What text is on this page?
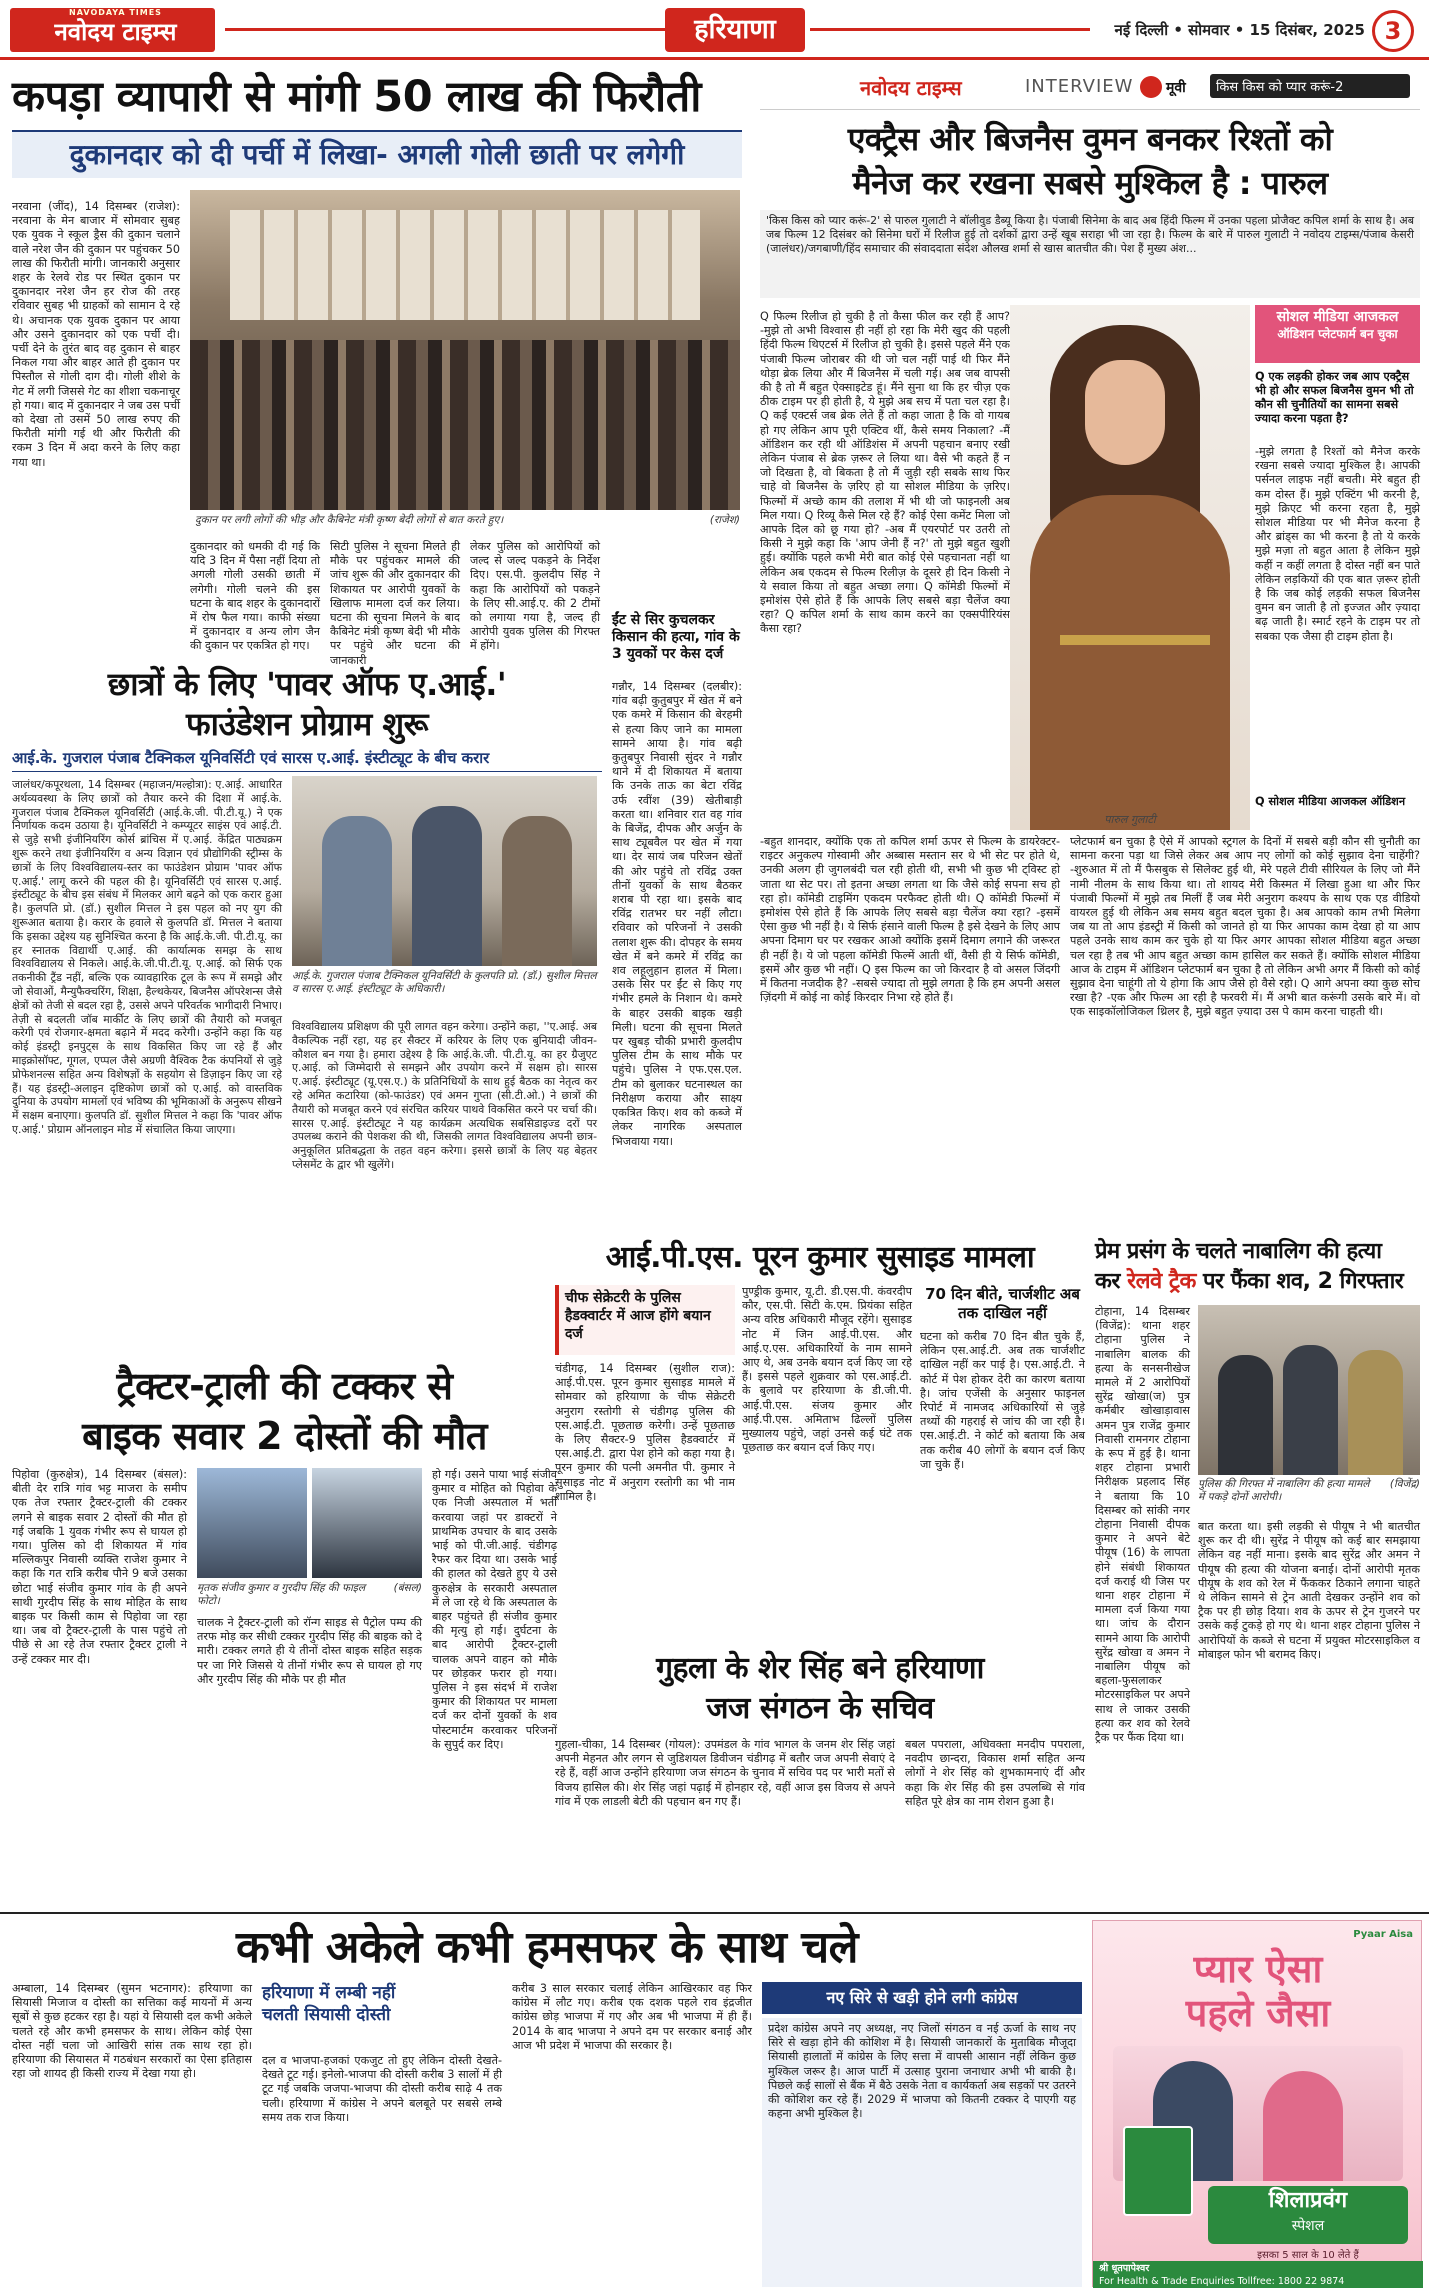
NAVODAYA TIMES
नवोदय टाइम्स	हरियाणा	नई दिल्ली • सोमवार • 15 दिसंबर, 2025 3
कपड़ा व्यापारी से मांगी 50 लाख की फिरौती
दुकानदार को दी पर्ची में लिखा- अगली गोली छाती पर लगेगी
नरवाना (जींद), 14 दिसम्बर (राजेश): नरवाना के मेन बाजार में सोमवार सुबह एक युवक ने स्कूल ड्रैस की दुकान चलाने वाले नरेश जैन की दुकान पर पहुंचकर 50 लाख की फिरौती मांगी। जानकारी अनुसार शहर के रेलवे रोड पर स्थित दुकान पर दुकानदार नरेश जैन हर रोज की तरह रविवार सुबह भी ग्राहकों को सामान दे रहे थे। अचानक एक युवक दुकान पर आया और उसने दुकानदार को एक पर्ची दी। पर्ची देने के तुरंत बाद वह दुकान से बाहर निकल गया और बाहर आते ही दुकान पर पिस्तौल से गोली दाग दी। गोली शीशे के गेट में लगी जिससे गेट का शीशा चकनाचूर हो गया। बाद में दुकानदार ने जब उस पर्ची को देखा तो उसमें 50 लाख रुपए की फिरौती मांगी गई थी और फिरौती की रकम 3 दिन में अदा करने के लिए कहा गया था।
दुकान पर लगी लोगों की भीड़ और कैबिनेट मंत्री कृष्ण बेदी लोगों से बात करते हुए।	(राजेश)
दुकानदार को धमकी दी गई कि यदि 3 दिन में पैसा नहीं दिया तो अगली गोली उसकी छाती में लगेगी। गोली चलने की इस घटना के बाद शहर के दुकानदारों में रोष फैल गया। काफी संख्या में दुकानदार व अन्य लोग जैन की दुकान पर एकत्रित हो गए।
सिटी पुलिस ने सूचना मिलते ही मौके पर पहुंचकर मामले की जांच शुरू की और दुकानदार की शिकायत पर आरोपी युवकों के खिलाफ मामला दर्ज कर लिया। घटना की सूचना मिलने के बाद कैबिनेट मंत्री कृष्ण बेदी भी मौके पर पहुंचे और घटना की जानकारी
लेकर पुलिस को आरोपियों को जल्द से जल्द पकड़ने के निर्देश दिए। एस.पी. कुलदीप सिंह ने कहा कि आरोपियों को पकड़ने के लिए सी.आई.ए. की 2 टीमों को लगाया गया है, जल्द ही आरोपी युवक पुलिस की गिरफ्त में होंगे।
ईंट से सिर कुचलकर किसान की हत्या, गांव के 3 युवकों पर केस दर्ज
गन्नौर, 14 दिसम्बर (दलबीर): गांव बढ़ी कुतुबपुर में खेत में बने एक कमरे में किसान की बेरहमी से हत्या किए जाने का मामला सामने आया है। गांव बढ़ी कुतुबपुर निवासी सुंदर ने गन्नौर थाने में दी शिकायत में बताया कि उनके ताऊ का बेटा रविंद्र उर्फ रवींश (39) खेतीबाड़ी करता था। शनिवार रात वह गांव के बिजेंद्र, दीपक और अर्जुन के साथ ट्यूबवैल पर खेत में गया था। देर सायं जब परिजन खेतों की ओर पहुंचे तो रविंद्र उक्त तीनों युवकों के साथ बैठकर शराब पी रहा था। इसके बाद रविंद्र रातभर घर नहीं लौटा। रविवार को परिजनों ने उसकी तलाश शुरू की। दोपहर के समय खेत में बने कमरे में रविंद्र का शव लहूलुहान हालत में मिला। उसके सिर पर ईंट से किए गए गंभीर हमले के निशान थे। कमरे के बाहर उसकी बाइक खड़ी मिली। घटना की सूचना मिलते पर खुबड़ चौकी प्रभारी कुलदीप पुलिस टीम के साथ मौके पर पहुंचे। पुलिस ने एफ.एस.एल. टीम को बुलाकर घटनास्थल का निरीक्षण कराया और साक्ष्य एकत्रित किए। शव को कब्जे में लेकर नागरिक अस्पताल भिजवाया गया।
छात्रों के लिए 'पावर ऑफ ए.आई.'
फाउंडेशन प्रोग्राम शुरू
आई.के. गुजराल पंजाब टैक्निकल यूनिवर्सिटी एवं सारस ए.आई. इंस्टीट्यूट के बीच करार
जालंधर/कपूरथला, 14 दिसम्बर (महाजन/मल्होत्रा): ए.आई. आधारित अर्थव्यवस्था के लिए छात्रों को तैयार करने की दिशा में आई.के. गुजराल पंजाब टैक्निकल यूनिवर्सिटी (आई.के.जी. पी.टी.यू.) ने एक निर्णायक कदम उठाया है। यूनिवर्सिटी ने कम्प्यूटर साइंस एवं आई.टी. से जुड़े सभी इंजीनियरिंग कोर्स ब्रांचिस में ए.आई. केंद्रित पाठ्यक्रम शुरू करने तथा इंजीनियरिंग व अन्य विज्ञान एवं प्रौद्योगिकी स्ट्रीम्स के छात्रों के लिए विश्वविद्यालय-स्तर का फाउंडेशन प्रोग्राम 'पावर ऑफ ए.आई.' लागू करने की पहल की है। यूनिवर्सिटी एवं सारस ए.आई. इंस्टीट्यूट के बीच इस संबंध में मिलकर आगे बढ़ने को एक करार हुआ है। कुलपति प्रो. (डॉ.) सुशील मित्तल ने इस पहल को नए युग की शुरूआत बताया है। करार के हवाले से कुलपति डॉ. मित्तल ने बताया कि इसका उद्देश्य यह सुनिश्चित करना है कि आई.के.जी. पी.टी.यू. का हर स्नातक विद्यार्थी ए.आई. की कार्यात्मक समझ के साथ विश्वविद्यालय से निकले। आई.के.जी.पी.टी.यू. ए.आई. को सिर्फ एक तकनीकी ट्रैंड नहीं, बल्कि एक व्यावहारिक टूल के रूप में समझे और जो सेवाओं, मैन्युफैक्चरिंग, शिक्षा, हैल्थकेयर, बिजनैस ऑपरेशन्स जैसे क्षेत्रों को तेजी से बदल रहा है, उससे अपने परिवर्तक भागीदारी निभाए। तेज़ी से बदलती जॉब मार्कीट के लिए छात्रों की तैयारी को मजबूत करेगी एवं रोजगार-क्षमता बढ़ाने में मदद करेगी। उन्होंने कहा कि यह कोई इंडस्ट्री इनपुट्स के साथ विकसित किए जा रहे हैं और माइक्रोसॉफ्ट, गूगल, एप्पल जैसे अग्रणी वैश्विक टैक कंपनियों से जुड़े प्रोफेशनल्स सहित अन्य विशेषज्ञों के सहयोग से डिज़ाइन किए जा रहे हैं। यह इंडस्ट्री-अलाइन दृष्टिकोण छात्रों को ए.आई. को वास्तविक दुनिया के उपयोग मामलों एवं भविष्य की भूमिकाओं के अनुरूप सीखने में सक्षम बनाएगा। कुलपति डॉ. सुशील मित्तल ने कहा कि 'पावर ऑफ ए.आई.' प्रोग्राम ऑनलाइन मोड में संचालित किया जाएगा।
आई.के. गुजराल पंजाब टैक्निकल यूनिवर्सिटी के कुलपति प्रो. (डॉ.) सुशील मित्तल व सारस ए.आई. इंस्टीट्यूट के अधिकारी।
विश्वविद्यालय प्रशिक्षण की पूरी लागत वहन करेगा। उन्होंने कहा, ''ए.आई. अब वैकल्पिक नहीं रहा, यह हर सैक्टर में करियर के लिए एक बुनियादी जीवन-कौशल बन गया है। हमारा उद्देश्य है कि आई.के.जी. पी.टी.यू. का हर ग्रैजुएट ए.आई. को जिम्मेदारी से समझने और उपयोग करने में सक्षम हो। सारस ए.आई. इंस्टीट्यूट (यू.एस.ए.) के प्रतिनिधियों के साथ हुई बैठक का नेतृत्व कर रहे अमित कटारिया (को-फाउंडर) एवं अमन गुप्ता (सी.टी.ओ.) ने छात्रों की तैयारी को मजबूत करने एवं संरचित करियर पाथवे विकसित करने पर चर्चा की। सारस ए.आई. इंस्टीट्यूट ने यह कार्यक्रम अत्यधिक सबसिडाइज्ड दरों पर उपलब्ध कराने की पेशकश की थी, जिसकी लागत विश्वविद्यालय अपनी छात्र-अनुकूलित प्रतिबद्धता के तहत वहन करेगा। इससे छात्रों के लिए यह बेहतर प्लेसमेंट के द्वार भी खुलेंगे।
ट्रैक्टर-ट्राली की टक्कर से
बाइक सवार 2 दोस्तों की मौत
पिहोवा (कुरुक्षेत्र), 14 दिसम्बर (बंसल): बीती देर रात्रि गांव भट्ट माजरा के समीप एक तेज रफ्तार ट्रैक्टर-ट्राली की टक्कर लगने से बाइक सवार 2 दोस्तों की मौत हो गई जबकि 1 युवक गंभीर रूप से घायल हो गया। पुलिस को दी शिकायत में गांव मल्लिकपुर निवासी व्यक्ति राजेश कुमार ने कहा कि गत रात्रि करीब पौने 9 बजे उसका छोटा भाई संजीव कुमार गांव के ही अपने साथी गुरदीप सिंह के साथ मोहित के साथ बाइक पर किसी काम से पिहोवा जा रहा था। जब वो ट्रैक्टर-ट्राली के पास पहुंचे तो पीछे से आ रहे तेज रफ्तार ट्रैक्टर ट्राली ने उन्हें टक्कर मार दी।
मृतक संजीव कुमार व गुरदीप सिंह की फाइल फोटो।
(बंसल)
चालक ने ट्रैक्टर-ट्राली को रॉन्ग साइड से पैट्रोल पम्प की तरफ मोड़ कर सीधी टक्कर गुरदीप सिंह की बाइक को दे मारी। टक्कर लगते ही ये तीनों दोस्त बाइक सहित सड़क पर जा गिरे जिससे ये तीनों गंभीर रूप से घायल हो गए और गुरदीप सिंह की मौके पर ही मौत
हो गई। उसने पाया भाई संजीव कुमार व मोहित को पिहोवा के एक निजी अस्पताल में भर्ती करवाया जहां पर डाक्टरों ने प्राथमिक उपचार के बाद उसके भाई को पी.जी.आई. चंडीगढ़ रैफर कर दिया था। उसके भाई की हालत को देखते हुए ये उसे कुरुक्षेत्र के सरकारी अस्पताल में ले जा रहे थे कि अस्पताल के बाहर पहुंचते ही संजीव कुमार की मृत्यु हो गई। दुर्घटना के बाद आरोपी ट्रैक्टर-ट्राली चालक अपने वाहन को मौके पर छोड़कर फरार हो गया। पुलिस ने इस संदर्भ में राजेश कुमार की शिकायत पर मामला दर्ज कर दोनों युवकों के शव पोस्टमार्टम करवाकर परिजनों के सुपुर्द कर दिए।
नवोदय टाइम्स	INTERVIEW मूवी	किस किस को प्यार करूं-2
एक्ट्रैस और बिजनैस वुमन बनकर रिश्तों को
मैनेज कर रखना सबसे मुश्किल है : पारुल
'किस किस को प्यार करूं-2' से पारुल गुलाटी ने बॉलीवुड डैब्यू किया है। पंजाबी सिनेमा के बाद अब हिंदी फिल्म में उनका पहला प्रोजैक्ट कपिल शर्मा के साथ है। अब जब फिल्म 12 दिसंबर को सिनेमा घरों में रिलीज हुई तो दर्शकों द्वारा उन्हें खूब सराहा भी जा रहा है। फिल्म के बारे में पारुल गुलाटी ने नवोदय टाइम्स/पंजाब केसरी (जालंधर)/जगबाणी/हिंद समाचार की संवाददाता संदेश औलख शर्मा से खास बातचीत की। पेश हैं मुख्य अंश...
Q फिल्म रिलीज हो चुकी है तो कैसा फील कर रही हैं आप? -मुझे तो अभी विश्वास ही नहीं हो रहा कि मेरी खुद की पहली हिंदी फिल्म थिएटर्स में रिलीज हो चुकी है। इससे पहले मैंने एक पंजाबी फिल्म जोराबर की थी जो चल नहीं पाई थी फिर मैंने थोड़ा ब्रेक लिया और मैं बिजनैस में चली गई। अब जब वापसी की है तो मैं बहुत ऐक्साइटेड हूं। मैंने सुना था कि हर चीज़ एक ठीक टाइम पर ही होती है, ये मुझे अब सच में पता चल रहा है। Q कई एक्टर्स जब ब्रेक लेते हैं तो कहा जाता है कि वो गायब हो गए लेकिन आप पूरी एक्टिव थीं, कैसे समय निकाला? -मैं ऑडिशन कर रही थी ऑडिशंस में अपनी पहचान बनाए रखी लेकिन पंजाब से ब्रेक ज़रूर ले लिया था। वैसे भी कहते हैं न जो दिखता है, वो बिकता है तो मैं जुड़ी रही सबके साथ फिर चाहे वो बिजनैस के ज़रिए हो या सोशल मीडिया के ज़रिए। फिल्मों में अच्छे काम की तलाश में भी थी जो फाइनली अब मिल गया। Q रिव्यू कैसे मिल रहे हैं? कोई ऐसा कमेंट मिला जो आपके दिल को छू गया हो? -अब मैं एयरपोर्ट पर उतरी तो किसी ने मुझे कहा कि 'आप जेनी हैं न?' तो मुझे बहुत खुशी हुई। क्योंकि पहले कभी मेरी बात कोई ऐसे पहचानता नहीं था लेकिन अब एकदम से फिल्म रिलीज़ के दूसरे ही दिन किसी ने ये सवाल किया तो बहुत अच्छा लगा। Q कॉमेडी फिल्मों में इमोशंस ऐसे होते हैं कि आपके लिए सबसे बड़ा चैलेंज क्या रहा? Q कपिल शर्मा के साथ काम करने का एक्सपीरियंस कैसा रहा?
पारुल गुलाटी
सोशल मीडिया आजकल
ऑडिशन प्लेटफार्म बन चुका
Q एक लड़की होकर जब आप एक्ट्रैस भी हो और सफल बिजनैस वुमन भी तो कौन सी चुनौतियों का सामना सबसे ज्यादा करना पड़ता है?
-मुझे लगता है रिश्तों को मैनेज करके रखना सबसे ज्यादा मुश्किल है। आपकी पर्सनल लाइफ नहीं बचती। मेरे बहुत ही कम दोस्त हैं। मुझे एक्टिंग भी करनी है, मुझे क्रिएट भी करना रहता है, मुझे सोशल मीडिया पर भी मैनेज करना है और ब्रांड्स का भी करना है तो ये करके मुझे मज़ा तो बहुत आता है लेकिन मुझे कहीं न कहीं लगता है दोस्त नहीं बन पाते लेकिन लड़कियों की एक बात ज़रूर होती है कि जब कोई लड़की सफल बिजनैस वुमन बन जाती है तो इज्जत और ज़्यादा बढ़ जाती है। स्मार्ट रहने के टाइम पर तो सबका एक जैसा ही टाइम होता है।
Q सोशल मीडिया आजकल ऑडिशन
-बहुत शानदार, क्योंकि एक तो कपिल शर्मा ऊपर से फिल्म के डायरेक्टर-राइटर अनुकल्प गोस्वामी और अब्बास मस्तान सर थे भी सेट पर होते थे, उनकी अलग ही जुगलबंदी चल रही होती थी, सभी भी कुछ भी ट्विस्ट हो जाता था सेट पर। तो इतना अच्छा लगता था कि जैसे कोई सपना सच हो रहा हो। कॉमेडी टाइमिंग एकदम परफैक्ट होती थी। Q कॉमेडी फिल्मों में इमोशंस ऐसे होते हैं कि आपके लिए सबसे बड़ा चैलेंज क्या रहा? -इसमें ऐसा कुछ भी नहीं है। ये सिर्फ हंसाने वाली फिल्म है इसे देखने के लिए आप अपना दिमाग घर पर रखकर आओ क्योंकि इसमें दिमाग लगाने की जरूरत ही नहीं है। ये जो पहला कॉमेडी फिल्में आती थीं, वैसी ही ये सिर्फ कॉमेडी, इसमें और कुछ भी नहीं। Q इस फिल्म का जो किरदार है वो असल जिंदगी में कितना नजदीक है? -सबसे ज्यादा तो मुझे लगता है कि हम अपनी असल ज़िंदगी में कोई ना कोई किरदार निभा रहे होते हैं।
प्लेटफार्म बन चुका है ऐसे में आपको स्ट्रगल के दिनों में सबसे बड़ी कौन सी चुनौती का सामना करना पड़ा था जिसे लेकर अब आप नए लोगों को कोई सुझाव देना चाहेंगी? -शुरुआत में तो मैं फैसबुक से सिलेक्ट हुई थी, मेरे पहले टीवी सीरियल के लिए जो मैंने नामी नीलम के साथ किया था। तो शायद मेरी किस्मत में लिखा हुआ था और फिर पंजाबी फिल्मों में मुझे तब मिलीं हैं जब मेरी अनुराग कश्यप के साथ एक एड वीडियो वायरल हुई थी लेकिन अब समय बहुत बदल चुका है। अब आपको काम तभी मिलेगा जब या तो आप इंडस्ट्री में किसी को जानते हो या फिर आपका काम देखा हो या आप पहले उनके साथ काम कर चुके हो या फिर अगर आपका सोशल मीडिया बहुत अच्छा चल रहा है तब भी आप बहुत अच्छा काम हासिल कर सकते हैं। क्योंकि सोशल मीडिया आज के टाइम में ऑडिशन प्लेटफार्म बन चुका है तो लेकिन अभी अगर मैं किसी को कोई सुझाव देना चाहूंगी तो ये होगा कि आप जैसे हो वैसे रहो। Q आगे अपना क्या कुछ सोच रखा है? -एक और फिल्म आ रही है फरवरी में। मैं अभी बात करूंगी उसके बारे में। वो एक साइकॉलोजिकल थ्रिलर है, मुझे बहुत ज़्यादा उस पे काम करना चाहती थी।
आई.पी.एस. पूरन कुमार सुसाइड मामला
चीफ सेक्रेटरी के पुलिस हैडक्वार्टर में आज होंगे बयान दर्ज
चंडीगढ़, 14 दिसम्बर (सुशील राज): आई.पी.एस. पूरन कुमार सुसाइड मामले में सोमवार को हरियाणा के चीफ सेक्रेटरी अनुराग रस्तोगी से चंडीगढ़ पुलिस की एस.आई.टी. पूछताछ करेगी। उन्हें पूछताछ के लिए सैक्टर-9 पुलिस हैडक्वार्टर में एस.आई.टी. द्वारा पेश होने को कहा गया है। पूरन कुमार की पत्नी अमनीत पी. कुमार ने सुसाइड नोट में अनुराग रस्तोगी का भी नाम शामिल है।
पुण्ड्रीक कुमार, यू.टी. डी.एस.पी. कंवरदीप कौर, एस.पी. सिटी के.एम. प्रियंका सहित अन्य वरिष्ठ अधिकारी मौजूद रहेंगे। सुसाइड नोट में जिन आई.पी.एस. और आई.ए.एस. अधिकारियों के नाम सामने आए थे, अब उनके बयान दर्ज किए जा रहे हैं। इससे पहले शुक्रवार को एस.आई.टी. के बुलावे पर हरियाणा के डी.जी.पी. आई.पी.एस. संजय कुमार और आई.पी.एस. अमिताभ ढिल्लों पुलिस मुख्यालय पहुंचे, जहां उनसे कई घंटे तक पूछताछ कर बयान दर्ज किए गए।
70 दिन बीते, चार्जशीट अब तक दाखिल नहीं
घटना को करीब 70 दिन बीत चुके हैं, लेकिन एस.आई.टी. अब तक चार्जशीट दाखिल नहीं कर पाई है। एस.आई.टी. ने कोर्ट में पेश होकर देरी का कारण बताया है। जांच एजेंसी के अनुसार फाइनल रिपोर्ट में नामजद अधिकारियों से जुड़े तथ्यों की गहराई से जांच की जा रही है। एस.आई.टी. ने कोर्ट को बताया कि अब तक करीब 40 लोगों के बयान दर्ज किए जा चुके हैं।
प्रेम प्रसंग के चलते नाबालिग की हत्या
कर रेलवे ट्रैक पर फैंका शव, 2 गिरफ्तार
टोहाना, 14 दिसम्बर (विजेंद्र): थाना शहर टोहाना पुलिस ने नाबालिग बालक की हत्या के सनसनीखेज मामले में 2 आरोपियों सुरेंद्र खोखा(ज) पुत्र कर्मबीर खोखाड़ावास अमन पुत्र राजेंद्र कुमार निवासी रामनगर टोहाना के रूप में हुई है। थाना शहर टोहाना प्रभारी निरीक्षक प्रहलाद सिंह ने बताया कि 10 दिसम्बर को सांकी नगर टोहाना निवासी दीपक कुमार ने अपने बेटे पीयूष (16) के लापता होने संबंधी शिकायत दर्ज कराई थी जिस पर थाना शहर टोहाना में मामला दर्ज किया गया था। जांच के दौरान सामने आया कि आरोपी सुरेंद्र खोखा व अमन ने नाबालिग पीयूष को बहला-फुसलाकर मोटरसाइकिल पर अपने साथ ले जाकर उसकी हत्या कर शव को रेलवे ट्रैक पर फैंक दिया था।
पुलिस की गिरफ्त में नाबालिग की हत्या मामले में पकड़े दोनों आरोपी।
(विजेंद्र)
बात करता था। इसी लड़की से पीयूष ने भी बातचीत शुरू कर दी थी। सुरेंद्र ने पीयूष को कई बार समझाया लेकिन वह नहीं माना। इसके बाद सुरेंद्र और अमन ने पीयूष की हत्या की योजना बनाई। दोनों आरोपी मृतक पीयूष के शव को रेल में फैंककर ठिकाने लगाना चाहते थे लेकिन सामने से ट्रेन आती देखकर उन्होंने शव को ट्रैक पर ही छोड़ दिया। शव के ऊपर से ट्रेन गुजरने पर उसके कई टुकड़े हो गए थे। थाना शहर टोहाना पुलिस ने आरोपियों के कब्जे से घटना में प्रयुक्त मोटरसाइकिल व मोबाइल फोन भी बरामद किए।
गुहला के शेर सिंह बने हरियाणा
जज संगठन के सचिव
गुहला-चीका, 14 दिसम्बर (गोयल): उपमंडल के गांव भागल के जनम शेर सिंह जहां अपनी मेहनत और लगन से जुडिशयल डिवीजन चंडीगढ़ में बतौर जज अपनी सेवाएं दे रहे हैं, वहीं आज उन्होंने हरियाणा जज संगठन के चुनाव में सचिव पद पर भारी मतों से विजय हासिल की। शेर सिंह जहां पढ़ाई में होनहार रहे, वहीं आज इस विजय से अपने गांव में एक लाडली बेटी की पहचान बन गए हैं।
बबल पपराला, अधिवक्ता मनदीप पपराला, नवदीप छान्दरा, विकास शर्मा सहित अन्य लोगों ने शेर सिंह को शुभकामनाएं दीं और कहा कि शेर सिंह की इस उपलब्धि से गांव सहित पूरे क्षेत्र का नाम रोशन हुआ है।
कभी अकेले कभी हमसफर के साथ चले
अम्बाला, 14 दिसम्बर (सुमन भटनागर): हरियाणा का सियासी मिजाज व दोस्ती का सत्तिका कई मायनों में अन्य सूबों से कुछ हटकर रहा है। यहां ये सियासी दल कभी अकेले चलते रहे और कभी हमसफर के साथ। लेकिन कोई ऐसा दोस्त नहीं चला जो आखिरी सांस तक साथ रहा हो। हरियाणा की सियासत में गठबंधन सरकारों का ऐसा इतिहास रहा जो शायद ही किसी राज्य में देखा गया हो।
हरियाणा में लम्बी नहीं
चलती सियासी दोस्ती
दल व भाजपा-हजकां एकजुट तो हुए लेकिन दोस्ती देखते-देखते टूट गई। इनेलो-भाजपा की दोस्ती करीब 3 सालों में ही टूट गई जबकि जजपा-भाजपा की दोस्ती करीब साढ़े 4 तक चली। हरियाणा में कांग्रेस ने अपने बलबूते पर सबसे लम्बे समय तक राज किया।
करीब 3 साल सरकार चलाई लेकिन आखिरकार वह फिर कांग्रेस में लौट गए। करीब एक दशक पहले राव इंद्रजीत कांग्रेस छोड़ भाजपा में गए और अब भी भाजपा में ही हैं। 2014 के बाद भाजपा ने अपने दम पर सरकार बनाई और आज भी प्रदेश में भाजपा की सरकार है।
नए सिरे से खड़ी होने लगी कांग्रेस
प्रदेश कांग्रेस अपने नए अध्यक्ष, नए जिलों संगठन व नई ऊर्जा के साथ नए सिरे से खड़ा होने की कोशिश में है। सियासी जानकारों के मुताबिक मौजूदा सियासी हालातों में कांग्रेस के लिए सत्ता में वापसी आसान नहीं लेकिन कुछ मुश्किल जरूर है। आज पार्टी में उत्साह पुराना जनाधार अभी भी बाकी है। पिछले कई सालों से बैंक में बैठे उसके नेता व कार्यकर्ता अब सड़कों पर उतरने की कोशिश कर रहे हैं। 2029 में भाजपा को कितनी टक्कर दे पाएगी यह कहना अभी मुश्किल है।
Pyaar Aisa
प्यार ऐसा
पहले जैसा
शिलाप्रवंग
स्पेशल
इसका 5 साल के 10 लेते हैं
श्री धूतपापेश्वर
For Health & Trade Enquiries Tollfree: 1800 22 9874
